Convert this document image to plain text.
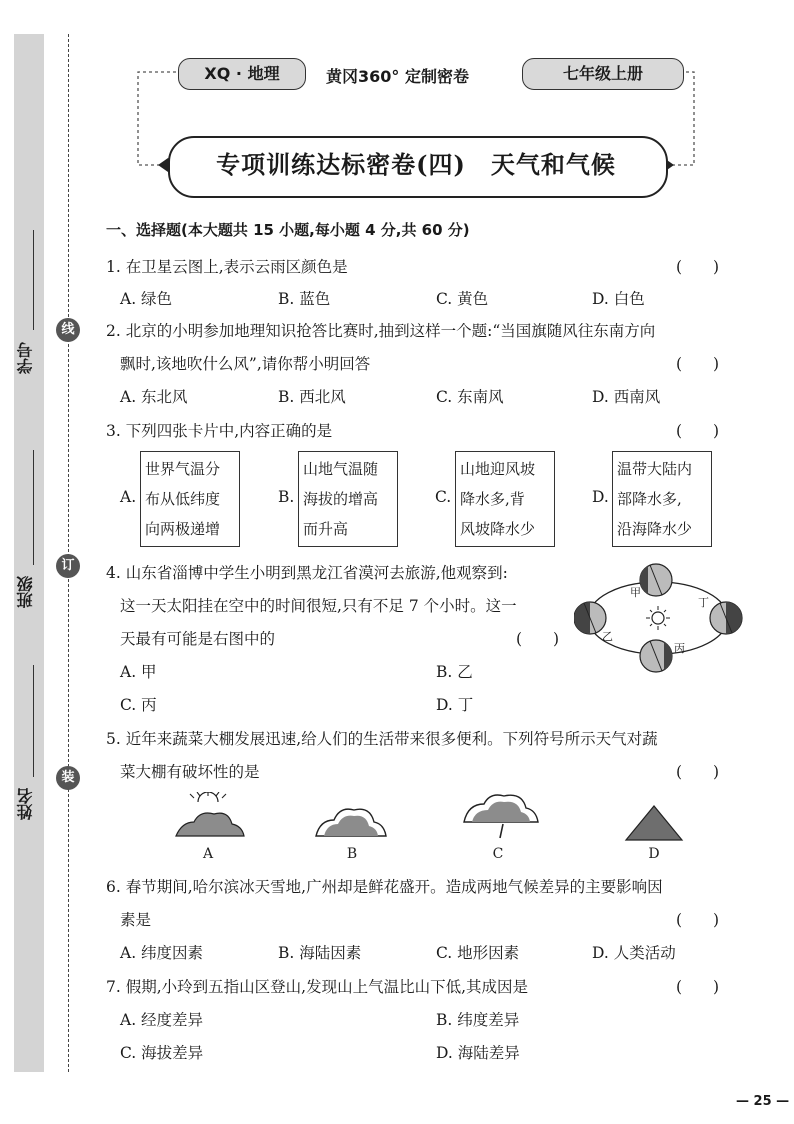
学号
班级
姓名
线
订
装
XQ · 地理	黄冈360° 定制密卷	七年级上册
专项训练达标密卷(四)　天气和气候
一、选择题(本大题共 15 小题,每小题 4 分,共 60 分)
1. 在卫星云图上,表示云雨区颜色是	(　　)
A. 绿色	B. 蓝色	C. 黄色	D. 白色
2. 北京的小明参加地理知识抢答比赛时,抽到这样一个题:“当国旗随风往东南方向
飘时,该地吹什么风”,请你帮小明回答	(　　)
A. 东北风	B. 西北风	C. 东南风	D. 西南风
3. 下列四张卡片中,内容正确的是	(　　)
A.
世界气温分
布从低纬度
向两极递增
B.
山地气温随
海拔的增高
而升高
C.
山地迎风坡
降水多,背
风坡降水少
D.
温带大陆内
部降水多,
沿海降水少
4. 山东省淄博中学生小明到黑龙江省漠河去旅游,他观察到:
这一天太阳挂在空中的时间很短,只有不足 7 个小时。这一
天最有可能是右图中的	(　　)
A. 甲	B. 乙
C. 丙	D. 丁
甲
乙
丙
丁
5. 近年来蔬菜大棚发展迅速,给人们的生活带来很多便利。下列符号所示天气对蔬
菜大棚有破坏性的是	(　　)
A	B	C	D
6. 春节期间,哈尔滨冰天雪地,广州却是鲜花盛开。造成两地气候差异的主要影响因
素是	(　　)
A. 纬度因素	B. 海陆因素	C. 地形因素	D. 人类活动
7. 假期,小玲到五指山区登山,发现山上气温比山下低,其成因是	(　　)
A. 经度差异	B. 纬度差异
C. 海拔差异	D. 海陆差异
— 25 —
